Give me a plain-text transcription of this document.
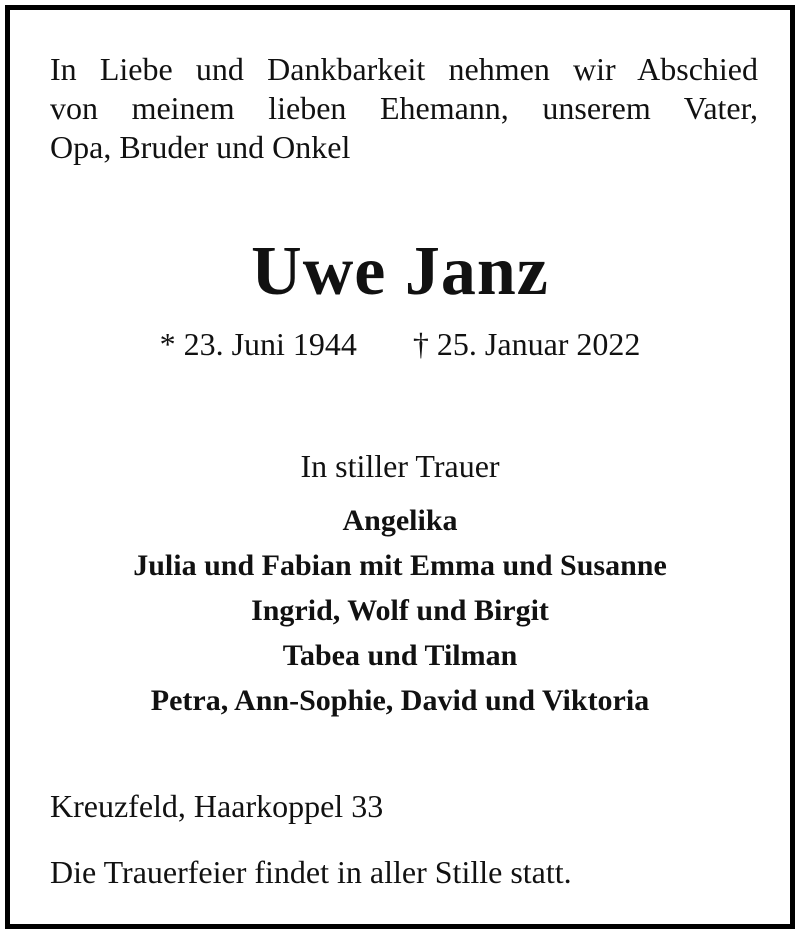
In Liebe und Dankbarkeit nehmen wir Abschied
von meinem lieben Ehemann, unserem Vater,
Opa, Bruder und Onkel
Uwe Janz
* 23. Juni 1944 † 25. Januar 2022
In stiller Trauer
Angelika
Julia und Fabian mit Emma und Susanne
Ingrid, Wolf und Birgit
Tabea und Tilman
Petra, Ann-Sophie, David und Viktoria
Kreuzfeld, Haarkoppel 33
Die Trauerfeier findet in aller Stille statt.
